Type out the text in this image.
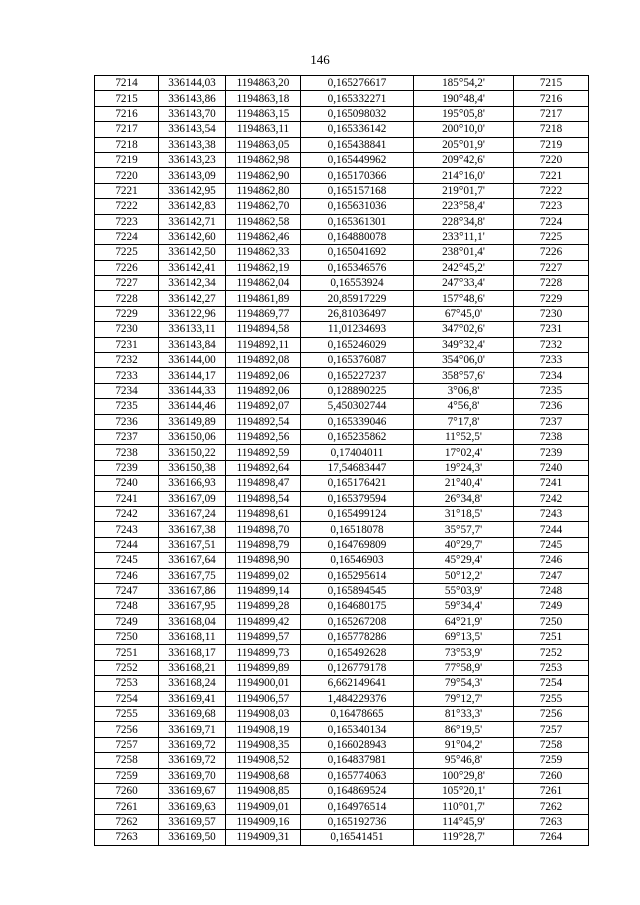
146
7214	336144,03	1194863,20	0,165276617	185°54,2'	7215
7215	336143,86	1194863,18	0,165332271	190°48,4'	7216
7216	336143,70	1194863,15	0,165098032	195°05,8'	7217
7217	336143,54	1194863,11	0,165336142	200°10,0'	7218
7218	336143,38	1194863,05	0,165438841	205°01,9'	7219
7219	336143,23	1194862,98	0,165449962	209°42,6'	7220
7220	336143,09	1194862,90	0,165170366	214°16,0'	7221
7221	336142,95	1194862,80	0,165157168	219°01,7'	7222
7222	336142,83	1194862,70	0,165631036	223°58,4'	7223
7223	336142,71	1194862,58	0,165361301	228°34,8'	7224
7224	336142,60	1194862,46	0,164880078	233°11,1'	7225
7225	336142,50	1194862,33	0,165041692	238°01,4'	7226
7226	336142,41	1194862,19	0,165346576	242°45,2'	7227
7227	336142,34	1194862,04	0,16553924	247°33,4'	7228
7228	336142,27	1194861,89	20,85917229	157°48,6'	7229
7229	336122,96	1194869,77	26,81036497	67°45,0'	7230
7230	336133,11	1194894,58	11,01234693	347°02,6'	7231
7231	336143,84	1194892,11	0,165246029	349°32,4'	7232
7232	336144,00	1194892,08	0,165376087	354°06,0'	7233
7233	336144,17	1194892,06	0,165227237	358°57,6'	7234
7234	336144,33	1194892,06	0,128890225	3°06,8'	7235
7235	336144,46	1194892,07	5,450302744	4°56,8'	7236
7236	336149,89	1194892,54	0,165339046	7°17,8'	7237
7237	336150,06	1194892,56	0,165235862	11°52,5'	7238
7238	336150,22	1194892,59	0,17404011	17°02,4'	7239
7239	336150,38	1194892,64	17,54683447	19°24,3'	7240
7240	336166,93	1194898,47	0,165176421	21°40,4'	7241
7241	336167,09	1194898,54	0,165379594	26°34,8'	7242
7242	336167,24	1194898,61	0,165499124	31°18,5'	7243
7243	336167,38	1194898,70	0,16518078	35°57,7'	7244
7244	336167,51	1194898,79	0,164769809	40°29,7'	7245
7245	336167,64	1194898,90	0,16546903	45°29,4'	7246
7246	336167,75	1194899,02	0,165295614	50°12,2'	7247
7247	336167,86	1194899,14	0,165894545	55°03,9'	7248
7248	336167,95	1194899,28	0,164680175	59°34,4'	7249
7249	336168,04	1194899,42	0,165267208	64°21,9'	7250
7250	336168,11	1194899,57	0,165778286	69°13,5'	7251
7251	336168,17	1194899,73	0,165492628	73°53,9'	7252
7252	336168,21	1194899,89	0,126779178	77°58,9'	7253
7253	336168,24	1194900,01	6,662149641	79°54,3'	7254
7254	336169,41	1194906,57	1,484229376	79°12,7'	7255
7255	336169,68	1194908,03	0,16478665	81°33,3'	7256
7256	336169,71	1194908,19	0,165340134	86°19,5'	7257
7257	336169,72	1194908,35	0,166028943	91°04,2'	7258
7258	336169,72	1194908,52	0,164837981	95°46,8'	7259
7259	336169,70	1194908,68	0,165774063	100°29,8'	7260
7260	336169,67	1194908,85	0,164869524	105°20,1'	7261
7261	336169,63	1194909,01	0,164976514	110°01,7'	7262
7262	336169,57	1194909,16	0,165192736	114°45,9'	7263
7263	336169,50	1194909,31	0,16541451	119°28,7'	7264
